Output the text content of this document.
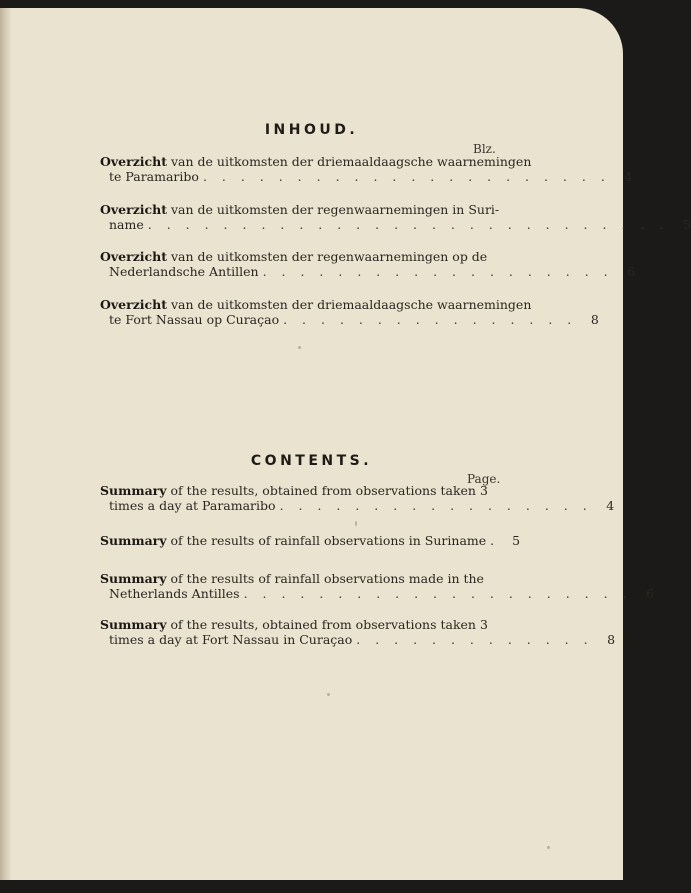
INHOUD.
Blz.
Overzicht van de uitkomsten der driemaaldaagsche waarnemingen
te Paramaribo . . . . . . . . . . . . . . . . . . . . . .	4
Overzicht van de uitkomsten der regenwaarnemingen in Suri-
name . . . . . . . . . . . . . . . . . . . . . . . . . . . .	5
Overzicht van de uitkomsten der regenwaarnemingen op de
Nederlandsche Antillen . . . . . . . . . . . . . . . . . . .	6
Overzicht van de uitkomsten der driemaaldaagsche waarnemingen
te Fort Nassau op Curaçao . . . . . . . . . . . . . . . .	8
CONTENTS.
Page.
Summary of the results, obtained from observations taken 3
times a day at Paramaribo . . . . . . . . . . . . . . . . .	4
Summary of the results of rainfall observations in Suriname .	5
Summary of the results of rainfall observations made in the
Netherlands Antilles . . . . . . . . . . . . . . . . . . . . .	6
Summary of the results, obtained from observations taken 3
times a day at Fort Nassau in Curaçao . . . . . . . . . . . . .	8
